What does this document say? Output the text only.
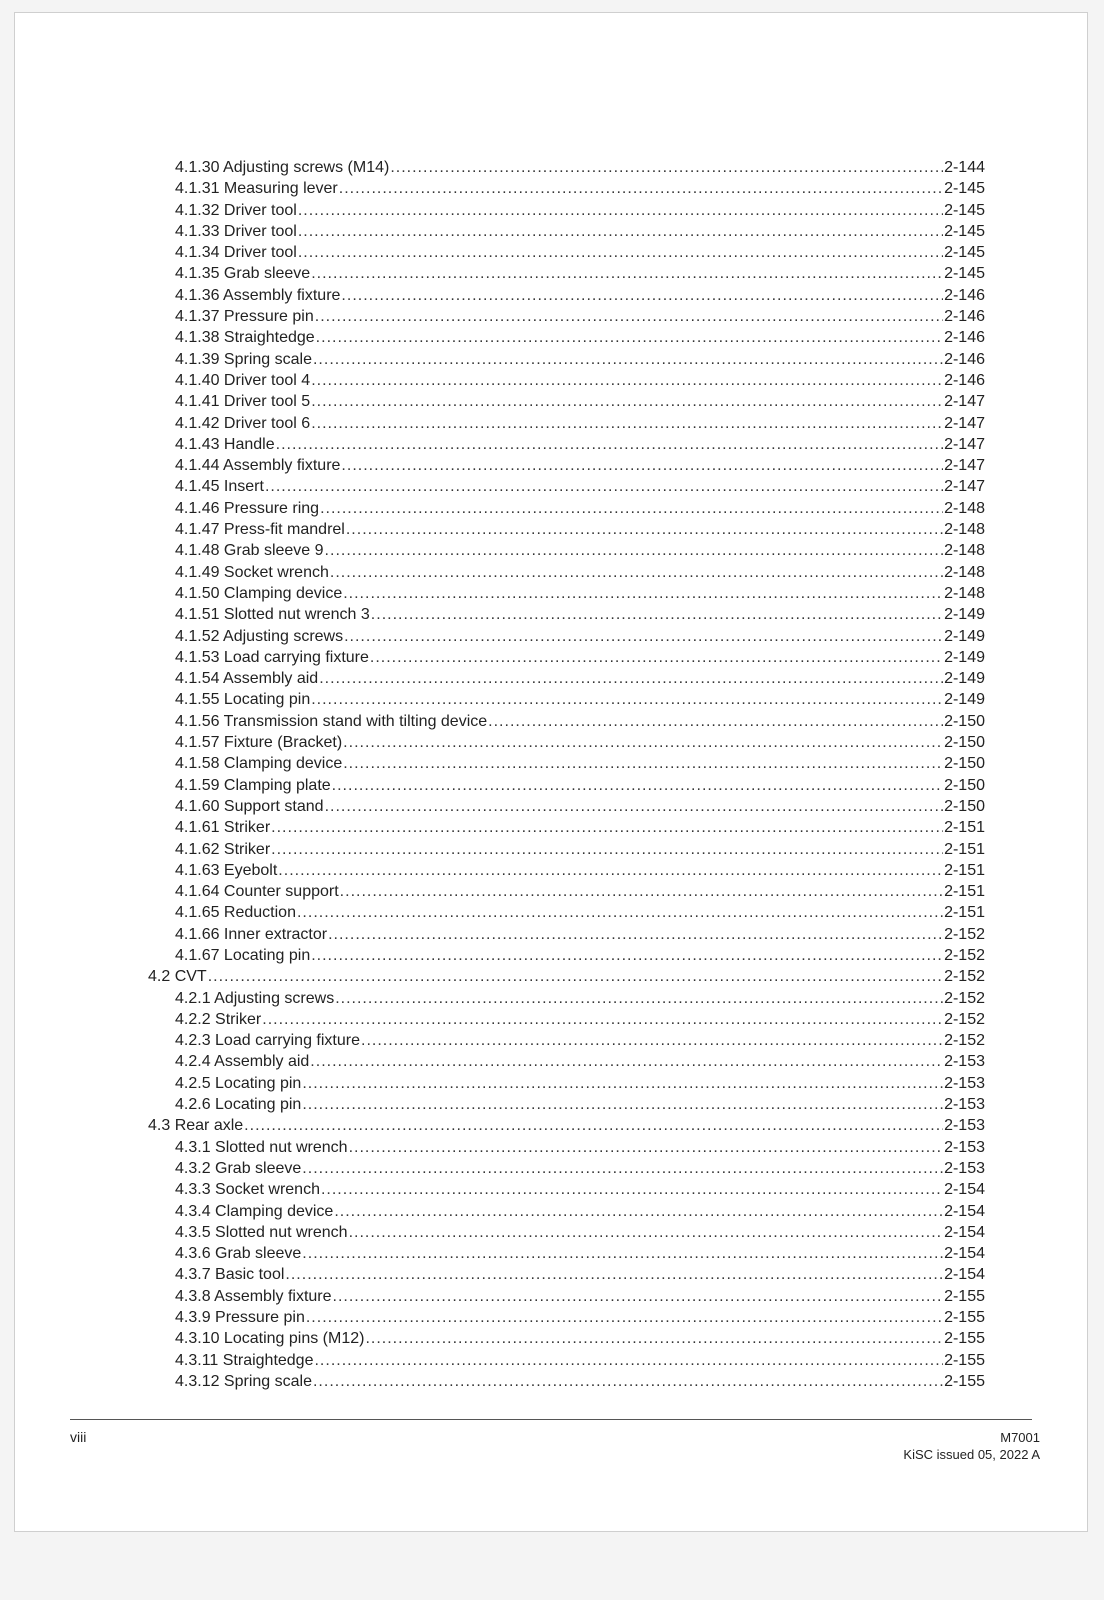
4.1.30 Adjusting screws (M14) .....	2-144
4.1.31 Measuring lever .....	2-145
4.1.32 Driver tool .....	2-145
4.1.33 Driver tool .....	2-145
4.1.34 Driver tool .....	2-145
4.1.35 Grab sleeve .....	2-145
4.1.36 Assembly fixture .....	2-146
4.1.37 Pressure pin .....	2-146
4.1.38 Straightedge .....	2-146
4.1.39 Spring scale .....	2-146
4.1.40 Driver tool 4 .....	2-146
4.1.41 Driver tool 5 .....	2-147
4.1.42 Driver tool 6 .....	2-147
4.1.43 Handle .....	2-147
4.1.44 Assembly fixture .....	2-147
4.1.45 Insert .....	2-147
4.1.46 Pressure ring .....	2-148
4.1.47 Press-fit mandrel .....	2-148
4.1.48 Grab sleeve 9 .....	2-148
4.1.49 Socket wrench .....	2-148
4.1.50 Clamping device .....	2-148
4.1.51 Slotted nut wrench 3 .....	2-149
4.1.52 Adjusting screws .....	2-149
4.1.53 Load carrying fixture .....	2-149
4.1.54 Assembly aid .....	2-149
4.1.55 Locating pin .....	2-149
4.1.56 Transmission stand with tilting device .....	2-150
4.1.57 Fixture (Bracket) .....	2-150
4.1.58 Clamping device .....	2-150
4.1.59 Clamping plate .....	2-150
4.1.60 Support stand .....	2-150
4.1.61 Striker .....	2-151
4.1.62 Striker .....	2-151
4.1.63 Eyebolt .....	2-151
4.1.64 Counter support .....	2-151
4.1.65 Reduction .....	2-151
4.1.66 Inner extractor .....	2-152
4.1.67 Locating pin .....	2-152
4.2 CVT .....	2-152
4.2.1 Adjusting screws .....	2-152
4.2.2 Striker .....	2-152
4.2.3 Load carrying fixture .....	2-152
4.2.4 Assembly aid .....	2-153
4.2.5 Locating pin .....	2-153
4.2.6 Locating pin .....	2-153
4.3 Rear axle .....	2-153
4.3.1 Slotted nut wrench .....	2-153
4.3.2 Grab sleeve .....	2-153
4.3.3 Socket wrench .....	2-154
4.3.4 Clamping device .....	2-154
4.3.5 Slotted nut wrench .....	2-154
4.3.6 Grab sleeve .....	2-154
4.3.7 Basic tool .....	2-154
4.3.8 Assembly fixture .....	2-155
4.3.9 Pressure pin .....	2-155
4.3.10 Locating pins (M12) .....	2-155
4.3.11 Straightedge .....	2-155
4.3.12 Spring scale .....	2-155
viii	M7001
KiSC issued 05, 2022 A
